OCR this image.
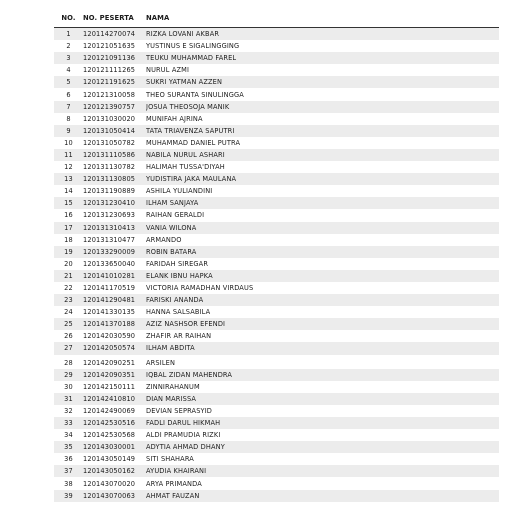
NO.	NO. PESERTA	NAMA
1	120114270074	RIZKA LOVANI AKBAR
2	120121051635	YUSTINUS E SIGALINGGING
3	120121091136	TEUKU MUHAMMAD FAREL
4	120121111265	NURUL AZMI
5	120121191625	SUKRI YATMAN AZZEN
6	120121310058	THEO SURANTA SINULINGGA
7	120121390757	JOSUA THEOSOJA MANIK
8	120131030020	MUNIFAH AJRINA
9	120131050414	TATA TRIAVENZA SAPUTRI
10	120131050782	MUHAMMAD DANIEL PUTRA
11	120131110586	NABILA NURUL ASHARI
12	120131130782	HALIMAH TUSSA'DIYAH
13	120131130805	YUDISTIRA JAKA MAULANA
14	120131190889	ASHILA YULIANDINI
15	120131230410	ILHAM SANJAYA
16	120131230693	RAIHAN GERALDI
17	120131310413	VANIA WILONA
18	120131310477	ARMANDO
19	120133290009	ROBIN BATARA
20	120133650040	FARIDAH SIREGAR
21	120141010281	ELANK IBNU HAPKA
22	120141170519	VICTORIA RAMADHAN VIRDAUS
23	120141290481	FARISKI ANANDA
24	120141330135	HANNA SALSABILA
25	120141370188	AZIZ NASHSOR EFENDI
26	120142030590	ZHAFIR AR RAIHAN
27	120142050574	ILHAM ABDITA

28	120142090251	ARSILEN
29	120142090351	IQBAL ZIDAN MAHENDRA
30	120142150111	ZINNIRAHANUM
31	120142410810	DIAN MARISSA
32	120142490069	DEVIAN SEPRASYID
33	120142530516	FADLI DARUL HIKMAH
34	120142530568	ALDI PRAMUDIA RIZKI
35	120143030001	ADYTIA AHMAD DHANY
36	120143050149	SITI SHAHARA
37	120143050162	AYUDIA KHAIRANI
38	120143070020	ARYA PRIMANDA
39	120143070063	AHMAT FAUZAN
